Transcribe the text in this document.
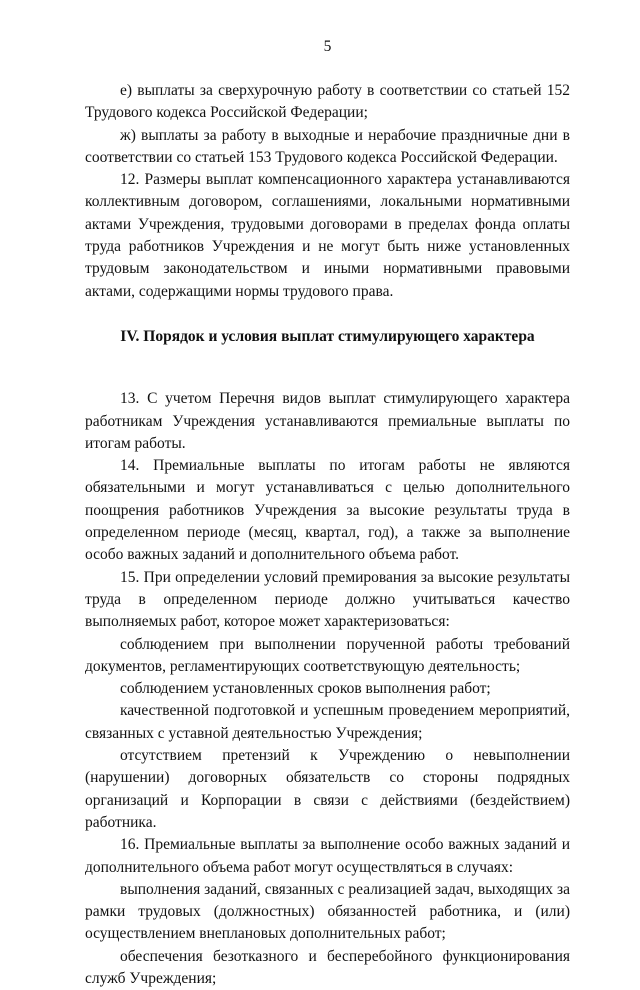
5

е) выплаты за сверхурочную работу в соответствии со статьей 152 Трудового кодекса Российской Федерации;

ж) выплаты за работу в выходные и нерабочие праздничные дни в соответствии со статьей 153 Трудового кодекса Российской Федерации.

12. Размеры выплат компенсационного характера устанавливаются коллективным договором, соглашениями, локальными нормативными актами Учреждения, трудовыми договорами в пределах фонда оплаты труда работников Учреждения и не могут быть ниже установленных трудовым законодательством и иными нормативными правовыми актами, содержащими нормы трудового права.

IV. Порядок и условия выплат стимулирующего характера

13. С учетом Перечня видов выплат стимулирующего характера работникам Учреждения устанавливаются премиальные выплаты по итогам работы.

14. Премиальные выплаты по итогам работы не являются обязательными и могут устанавливаться с целью дополнительного поощрения работников Учреждения за высокие результаты труда в определенном периоде (месяц, квартал, год), а также за выполнение особо важных заданий и дополнительного объема работ.

15. При определении условий премирования за высокие результаты труда в определенном периоде должно учитываться качество выполняемых работ, которое может характеризоваться:

соблюдением при выполнении порученной работы требований документов, регламентирующих соответствующую деятельность;

соблюдением установленных сроков выполнения работ;

качественной подготовкой и успешным проведением мероприятий, связанных с уставной деятельностью Учреждения;

отсутствием претензий к Учреждению о невыполнении (нарушении) договорных обязательств со стороны подрядных организаций и Корпорации в связи с действиями (бездействием) работника.

16. Премиальные выплаты за выполнение особо важных заданий и дополнительного объема работ могут осуществляться в случаях:

выполнения заданий, связанных с реализацией задач, выходящих за рамки трудовых (должностных) обязанностей работника, и (или) осуществлением внеплановых дополнительных работ;

обеспечения безотказного и бесперебойного функционирования служб Учреждения;
